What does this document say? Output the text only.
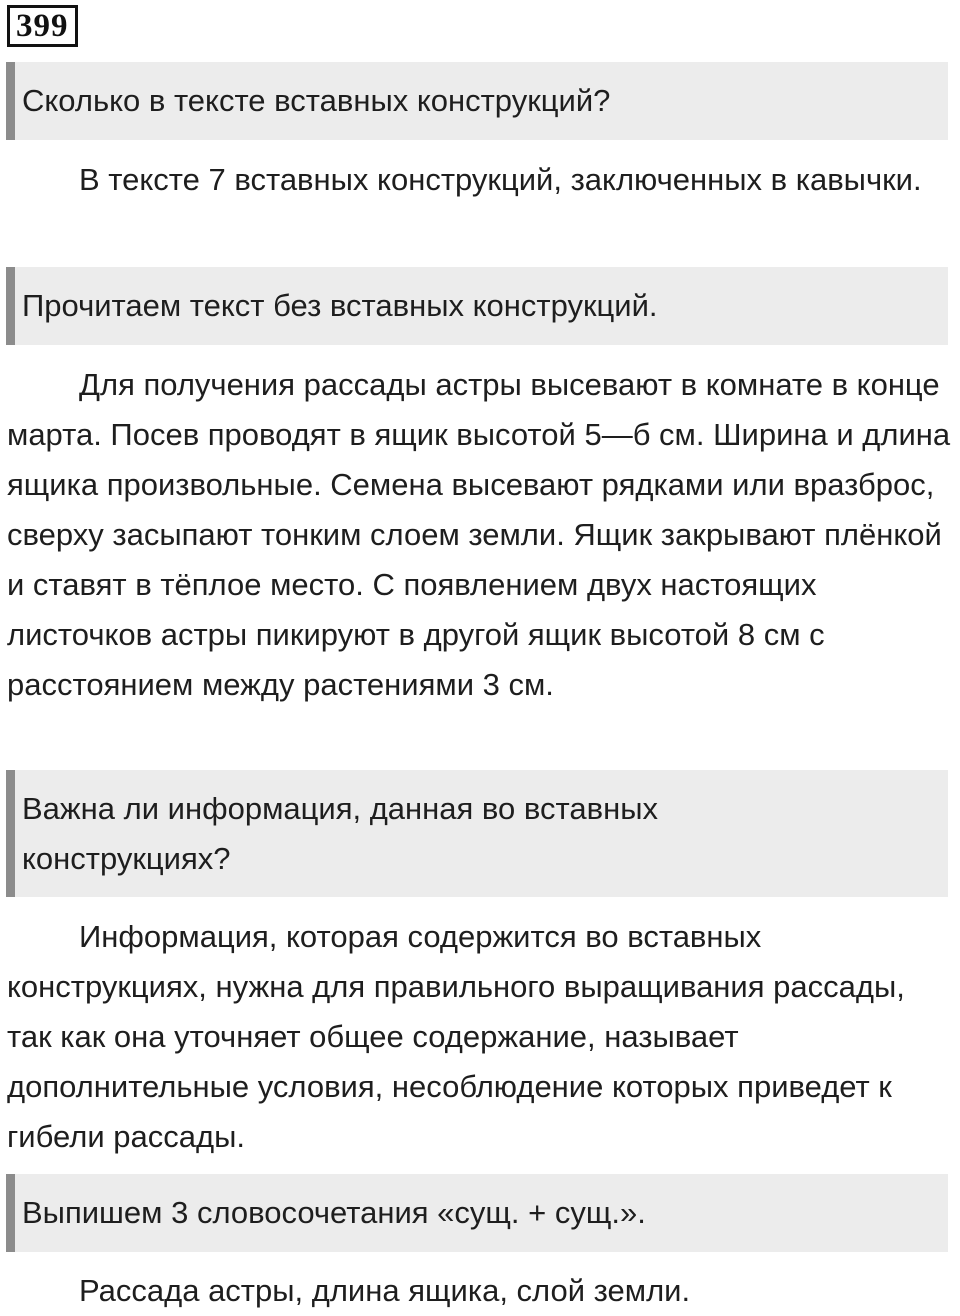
399
Сколько в тексте вставных конструкций?

В тексте 7 вставных конструкций, заключенных в кавычки.

Прочитаем текст без вставных конструкций.

Для получения рассады астры высевают в комнате в конце марта. Посев проводят в ящик высотой 5—б см. Ширина и длина ящика произвольные. Семена высевают рядками или вразброс, сверху засыпают тонким слоем земли. Ящик закрывают плёнкой и ставят в тёплое место. С появлением двух настоящих листочков астры пикируют в другой ящик высотой 8 см с расстоянием между растениями 3 см.

Важна ли информация, данная во вставных конструкциях?

Информация, которая содержится во вставных конструкциях, нужна для правильного выращивания рассады, так как она уточняет общее содержание, называет дополнительные условия, несоблюдение которых приведет к гибели рассады.

Выпишем 3 словосочетания «сущ. + сущ.».

Рассада астры, длина ящика, слой земли.
